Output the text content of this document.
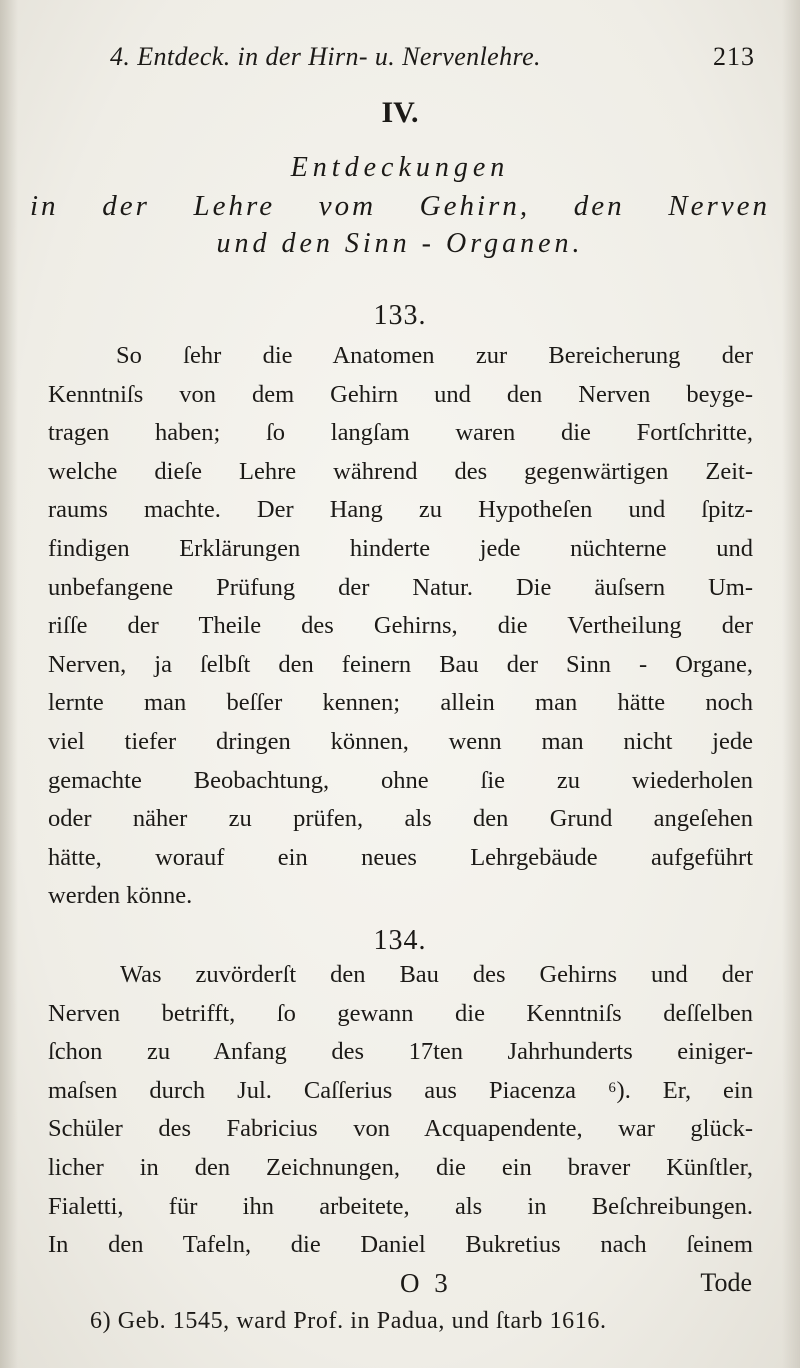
4. Entdeck. in der Hirn- u. Nervenlehre.	213
IV.
Entdeckungen
in der Lehre vom Gehirn, den Nerven
und den Sinn - Organen.
133.
So ſehr die Anatomen zur Bereicherung der
Kenntniſs von dem Gehirn und den Nerven beyge-
tragen haben; ſo langſam waren die Fortſchritte,
welche dieſe Lehre während des gegenwärtigen Zeit-
raums machte. Der Hang zu Hypotheſen und ſpitz-
findigen Erklärungen hinderte jede nüchterne und
unbefangene Prüfung der Natur. Die äuſsern Um-
riſſe der Theile des Gehirns, die Vertheilung der
Nerven, ja ſelbſt den feinern Bau der Sinn - Organe,
lernte man beſſer kennen; allein man hätte noch
viel tiefer dringen können, wenn man nicht jede
gemachte Beobachtung, ohne ſie zu wiederholen
oder näher zu prüfen, als den Grund angeſehen
hätte, worauf ein neues Lehrgebäude aufgeführt
werden könne.
134.
Was zuvörderſt den Bau des Gehirns und der
Nerven betrifft, ſo gewann die Kenntniſs deſſelben
ſchon zu Anfang des 17ten Jahrhunderts einiger-
maſsen durch Jul. Caſſerius aus Piacenza ⁶). Er, ein
Schüler des Fabricius von Acquapendente, war glück-
licher in den Zeichnungen, die ein braver Künſtler,
Fialetti, für ihn arbeitete, als in Beſchreibungen.
In den Tafeln, die Daniel Bukretius nach ſeinem
O 3	Tode
6) Geb. 1545, ward Prof. in Padua, und ſtarb 1616.
